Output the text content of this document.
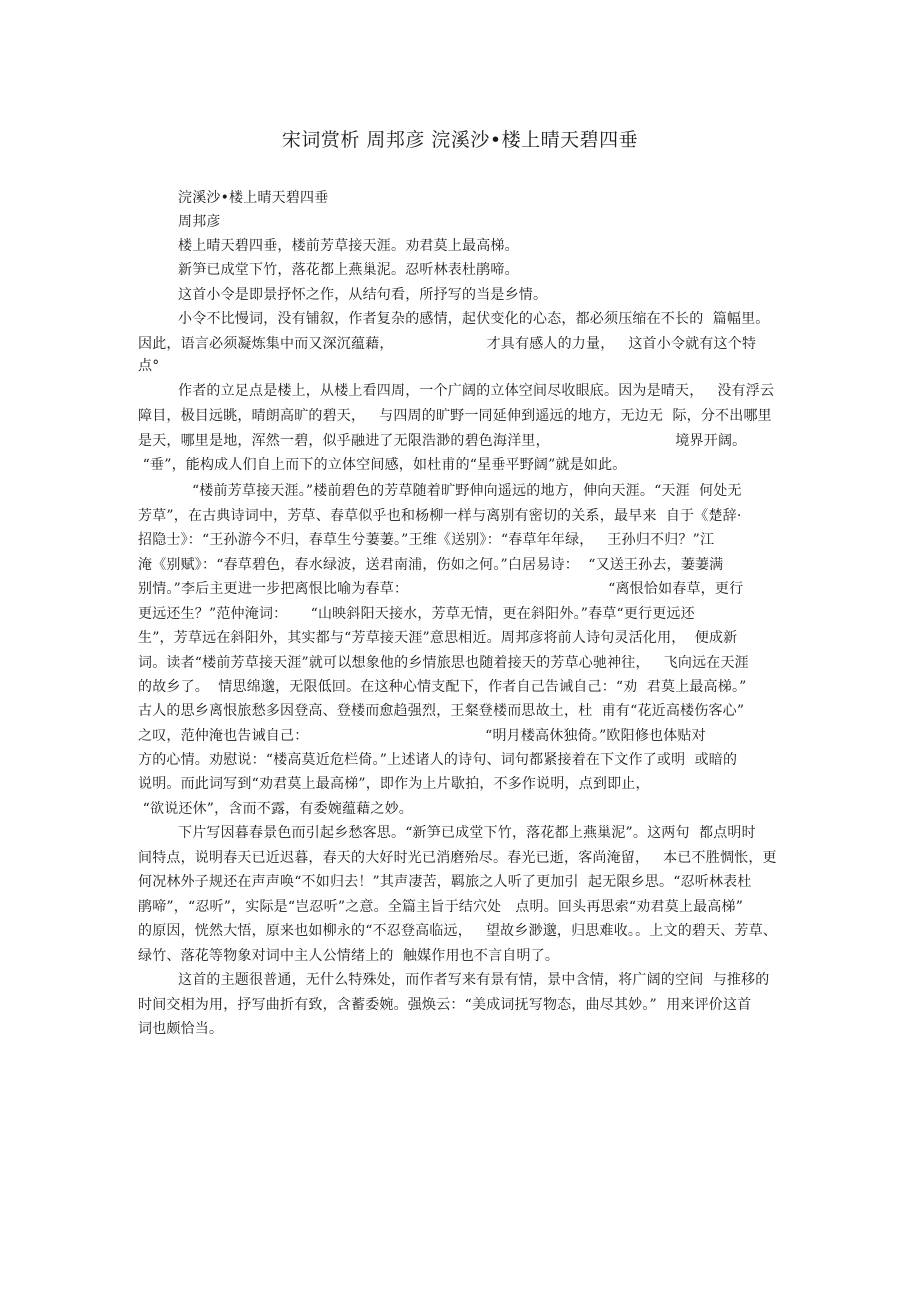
宋词赏析 周邦彦 浣溪沙•楼上晴天碧四垂
浣溪沙•楼上晴天碧四垂
周邦彦
楼上晴天碧四垂，楼前芳草接天涯。劝君莫上最高梯。
新笋已成堂下竹，落花都上燕巢泥。忍听林表杜鹃啼。
这首小令是即景抒怀之作，从结句看，所抒写的当是乡情。
小令不比慢词，没有铺叙，作者复杂的感情，起伏变化的心态，都必须压缩在不长的  篇幅里。
因此，语言必须凝炼集中而又深沉蕴藉，                    才具有感人的力量，   这首小令就有这个特
点°
作者的立足点是楼上，从楼上看四周，一个广阔的立体空间尽收眼底。因为是晴天，   没有浮云
障目，极目远眺，晴朗高旷的碧天，   与四周的旷野一同延伸到遥远的地方，无边无  际，分不出哪里
是天，哪里是地，浑然一碧，似乎融进了无限浩渺的碧色海洋里，                           境界开阔。
“垂”，能构成人们自上而下的立体空间感，如杜甫的“星垂平野阔”就是如此。
“楼前芳草接天涯。”楼前碧色的芳草随着旷野伸向遥远的地方，伸向天涯。“天涯  何处无
芳草”，在古典诗词中，芳草、春草似乎也和杨柳一样与离别有密切的关系，最早来  自于《楚辞·
招隐士》：“王孙游今不归，春草生兮萋萋。”王维《送别》：“春草年年绿，   王孙归不归？”江
淹《别赋》：“春草碧色，春水绿波，送君南浦，伤如之何。”白居易诗：  “又送王孙去，萋萋满
别情。”李后主更进一步把离恨比喻为春草：                                           “离恨恰如春草，更行
更远还生？”范仲淹词：     “山映斜阳天接水，芳草无情，更在斜阳外。”春草“更行更远还
生”，芳草远在斜阳外，其实都与“芳草接天涯”意思相近。周邦彦将前人诗句灵活化用，  便成新
词。读者“楼前芳草接天涯”就可以想象他的乡情旅思也随着接天的芳草心驰神往，   飞向远在天涯
的故乡了。  情思绵邈，无限低回。在这种心情支配下，作者自己告诫自己：“劝  君莫上最高梯。”
古人的思乡离恨旅愁多因登高、登楼而愈趋强烈，王粲登楼而思故土，杜  甫有“花近高楼伤客心”
之叹，范仲淹也告诫自己：                                      “明月楼高休独倚。”欧阳修也体贴对
方的心情。劝慰说：“楼高莫近危栏倚。”上述诸人的诗句、词句都紧接着在下文作了或明  或暗的
说明。而此词写到“劝君莫上最高梯”，即作为上片歇拍，不多作说明，点到即止，
“欲说还休”，含而不露，有委婉蕴藉之妙。
下片写因暮春景色而引起乡愁客思。“新笋已成堂下竹，落花都上燕巢泥”。这两句  都点明时
间特点，说明春天已近迟暮，春天的大好时光已消磨殆尽。春光已逝，客尚淹留，   本已不胜惆怅，更
何况林外子规还在声声唤“不如归去！”其声凄苦，羁旅之人听了更加引  起无限乡思。“忍听林表杜
鹃啼”，“忍听”，实际是“岂忍听”之意。全篇主旨于结穴处   点明。回头再思索“劝君莫上最高梯”
的原因，恍然大悟，原来也如柳永的“不忍登高临远，   望故乡渺邈，归思难收。。上文的碧天、芳草、
绿竹、落花等物象对词中主人公情绪上的  触媒作用也不言自明了。
这首的主题很普通，无什么特殊处，而作者写来有景有情，景中含情，将广阔的空间  与推移的
时间交相为用，抒写曲折有致，含蓄委婉。强焕云：“美成词抚写物态，曲尽其妙。”  用来评价这首
词也颇恰当。
